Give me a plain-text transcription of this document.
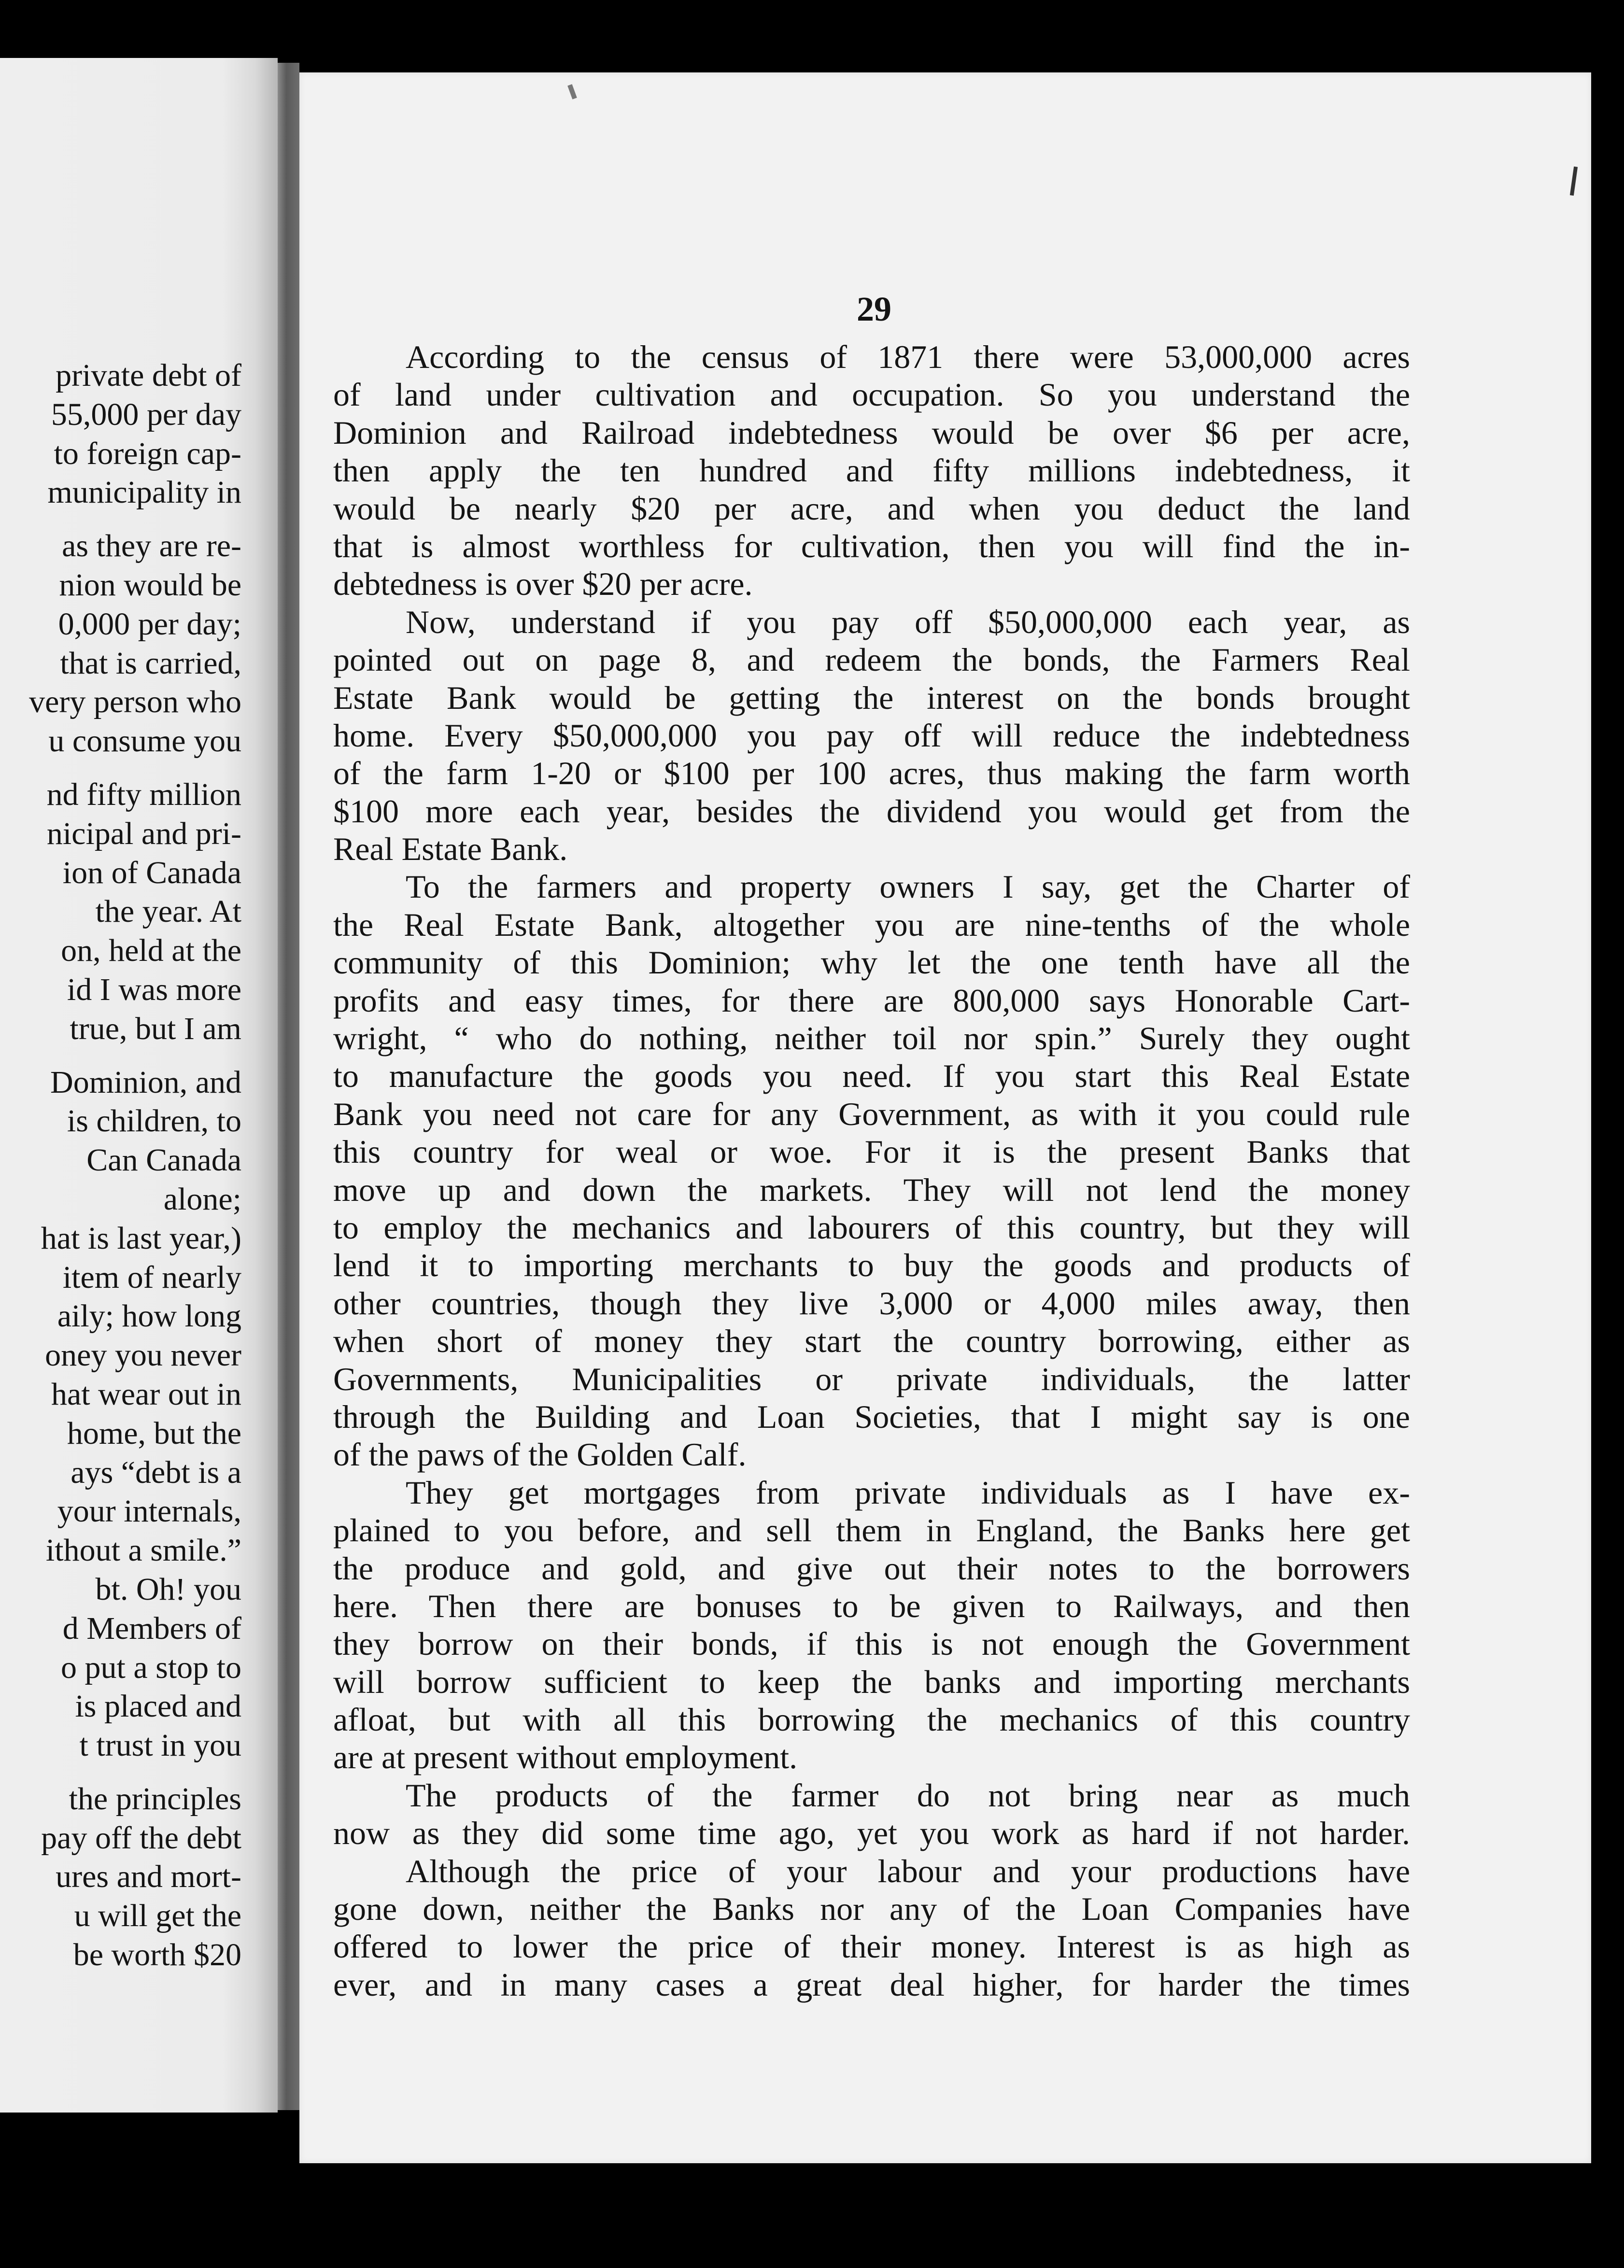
private debt of
55,000 per day
to foreign cap-
municipality in
as they are re-
nion would be
0,000 per day;
that is carried,
very person who
u consume you
nd fifty million
nicipal and pri-
ion of Canada
the year. At
on, held at the
id I was more
true, but I am
Dominion, and
is children, to
Can Canada
alone;
hat is last year,)
item of nearly
aily; how long
oney you never
hat wear out in
home, but the
ays “debt is a
your internals,
ithout a smile.”
bt. Oh! you
d Members of
o put a stop to
is placed and
t trust in you
the principles
pay off the debt
ures and mort-
u will get the
be worth $20
29
According to the census of 1871 there were 53,000,000 acres
of land under cultivation and occupation. So you understand the
Dominion and Railroad indebtedness would be over $6 per acre,
then apply the ten hundred and fifty millions indebtedness, it
would be nearly $20 per acre, and when you deduct the land
that is almost worthless for cultivation, then you will find the in-
debtedness is over $20 per acre.
Now, understand if you pay off $50,000,000 each year, as
pointed out on page 8, and redeem the bonds, the Farmers Real
Estate Bank would be getting the interest on the bonds brought
home. Every $50,000,000 you pay off will reduce the indebtedness
of the farm 1-20 or $100 per 100 acres, thus making the farm worth
$100 more each year, besides the dividend you would get from the
Real Estate Bank.
To the farmers and property owners I say, get the Charter of
the Real Estate Bank, altogether you are nine-tenths of the whole
community of this Dominion; why let the one tenth have all the
profits and easy times, for there are 800,000 says Honorable Cart-
wright, “ who do nothing, neither toil nor spin.” Surely they ought
to manufacture the goods you need. If you start this Real Estate
Bank you need not care for any Government, as with it you could rule
this country for weal or woe. For it is the present Banks that
move up and down the markets. They will not lend the money
to employ the mechanics and labourers of this country, but they will
lend it to importing merchants to buy the goods and products of
other countries, though they live 3,000 or 4,000 miles away, then
when short of money they start the country borrowing, either as
Governments, Municipalities or private individuals, the latter
through the Building and Loan Societies, that I might say is one
of the paws of the Golden Calf.
They get mortgages from private individuals as I have ex-
plained to you before, and sell them in England, the Banks here get
the produce and gold, and give out their notes to the borrowers
here. Then there are bonuses to be given to Railways, and then
they borrow on their bonds, if this is not enough the Government
will borrow sufficient to keep the banks and importing merchants
afloat, but with all this borrowing the mechanics of this country
are at present without employment.
The products of the farmer do not bring near as much
now as they did some time ago, yet you work as hard if not harder.
Although the price of your labour and your productions have
gone down, neither the Banks nor any of the Loan Companies have
offered to lower the price of their money. Interest is as high as
ever, and in many cases a great deal higher, for harder the times
